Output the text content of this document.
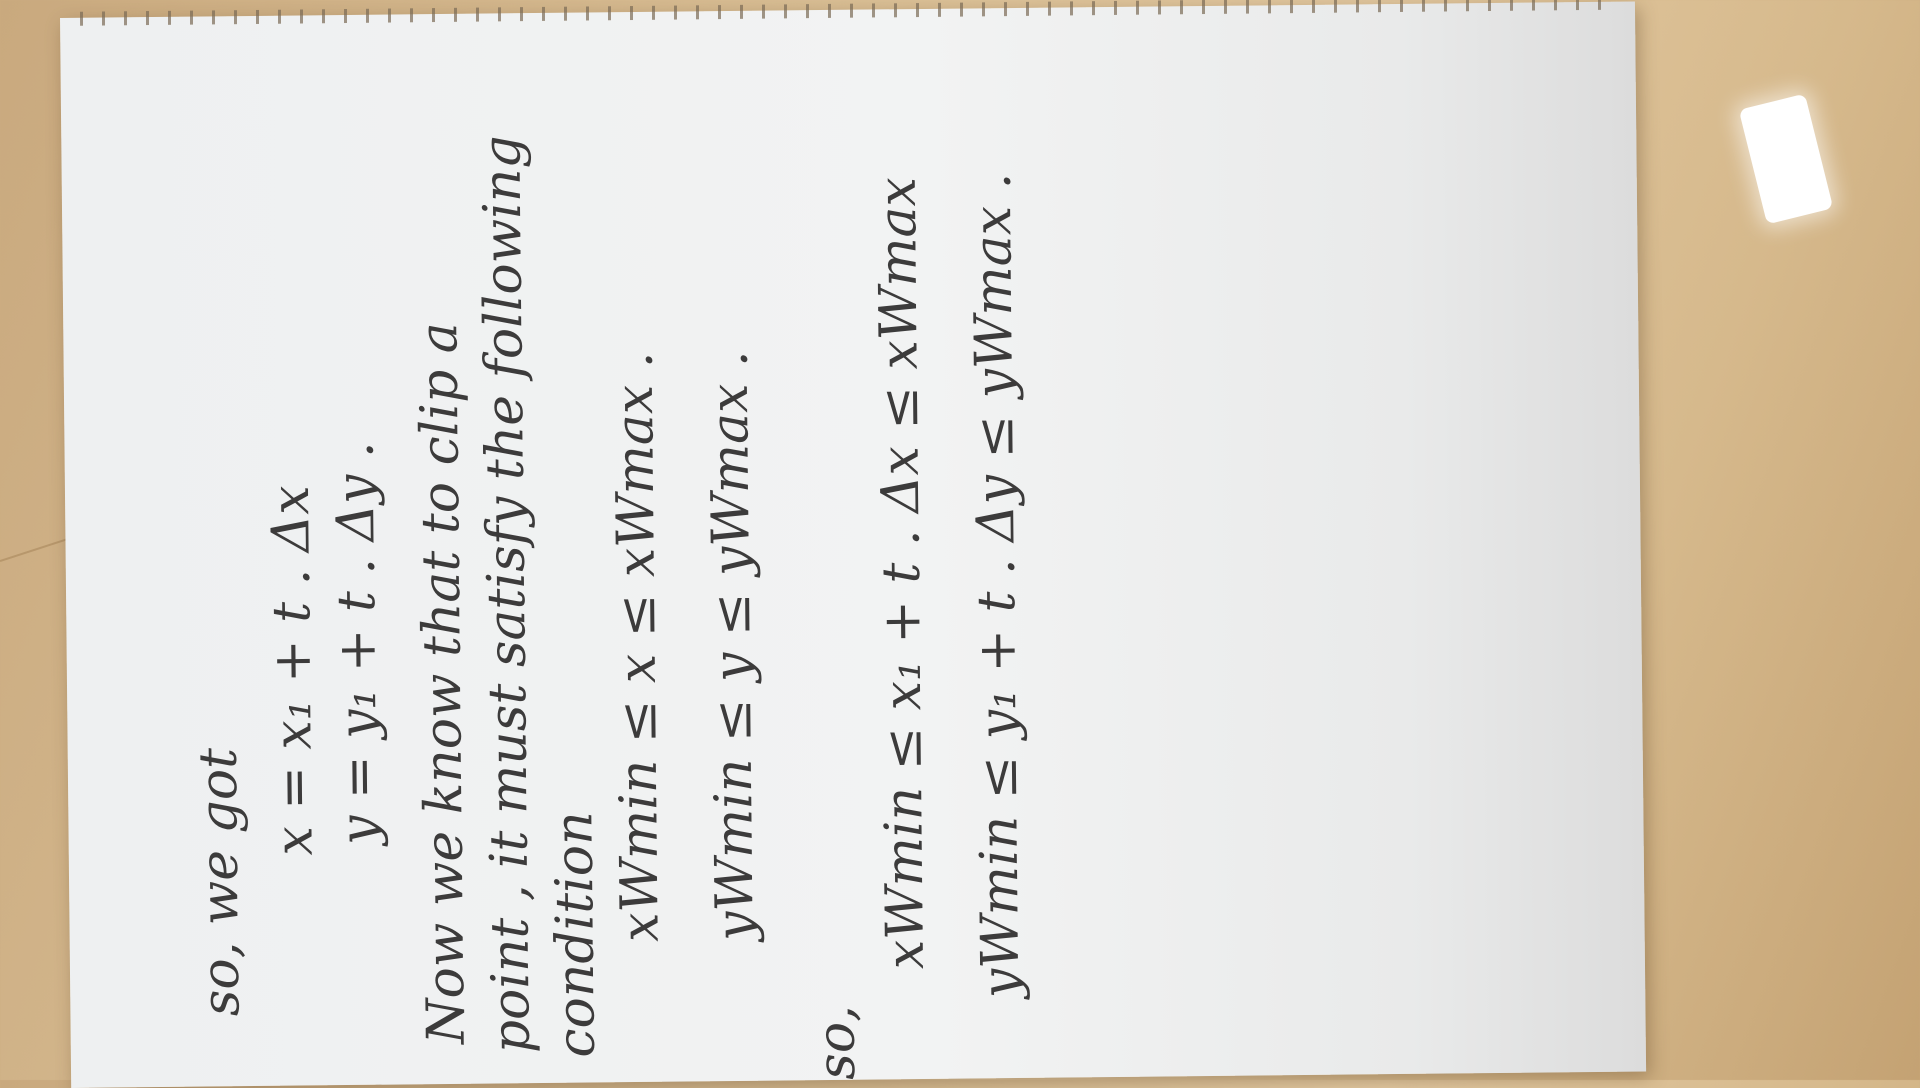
so, we got
x = x₁ + t . Δx y = y₁ + t . Δy . Now we know that to clip a
point , it must satisfy the following condition
xWmin ≤ x ≤ xWmax . yWmin ≤ y ≤ yWmax .
so,
xWmin ≤ x₁ + t . Δx ≤ xWmax yWmin ≤ y₁ + t . Δy ≤ yWmax .
